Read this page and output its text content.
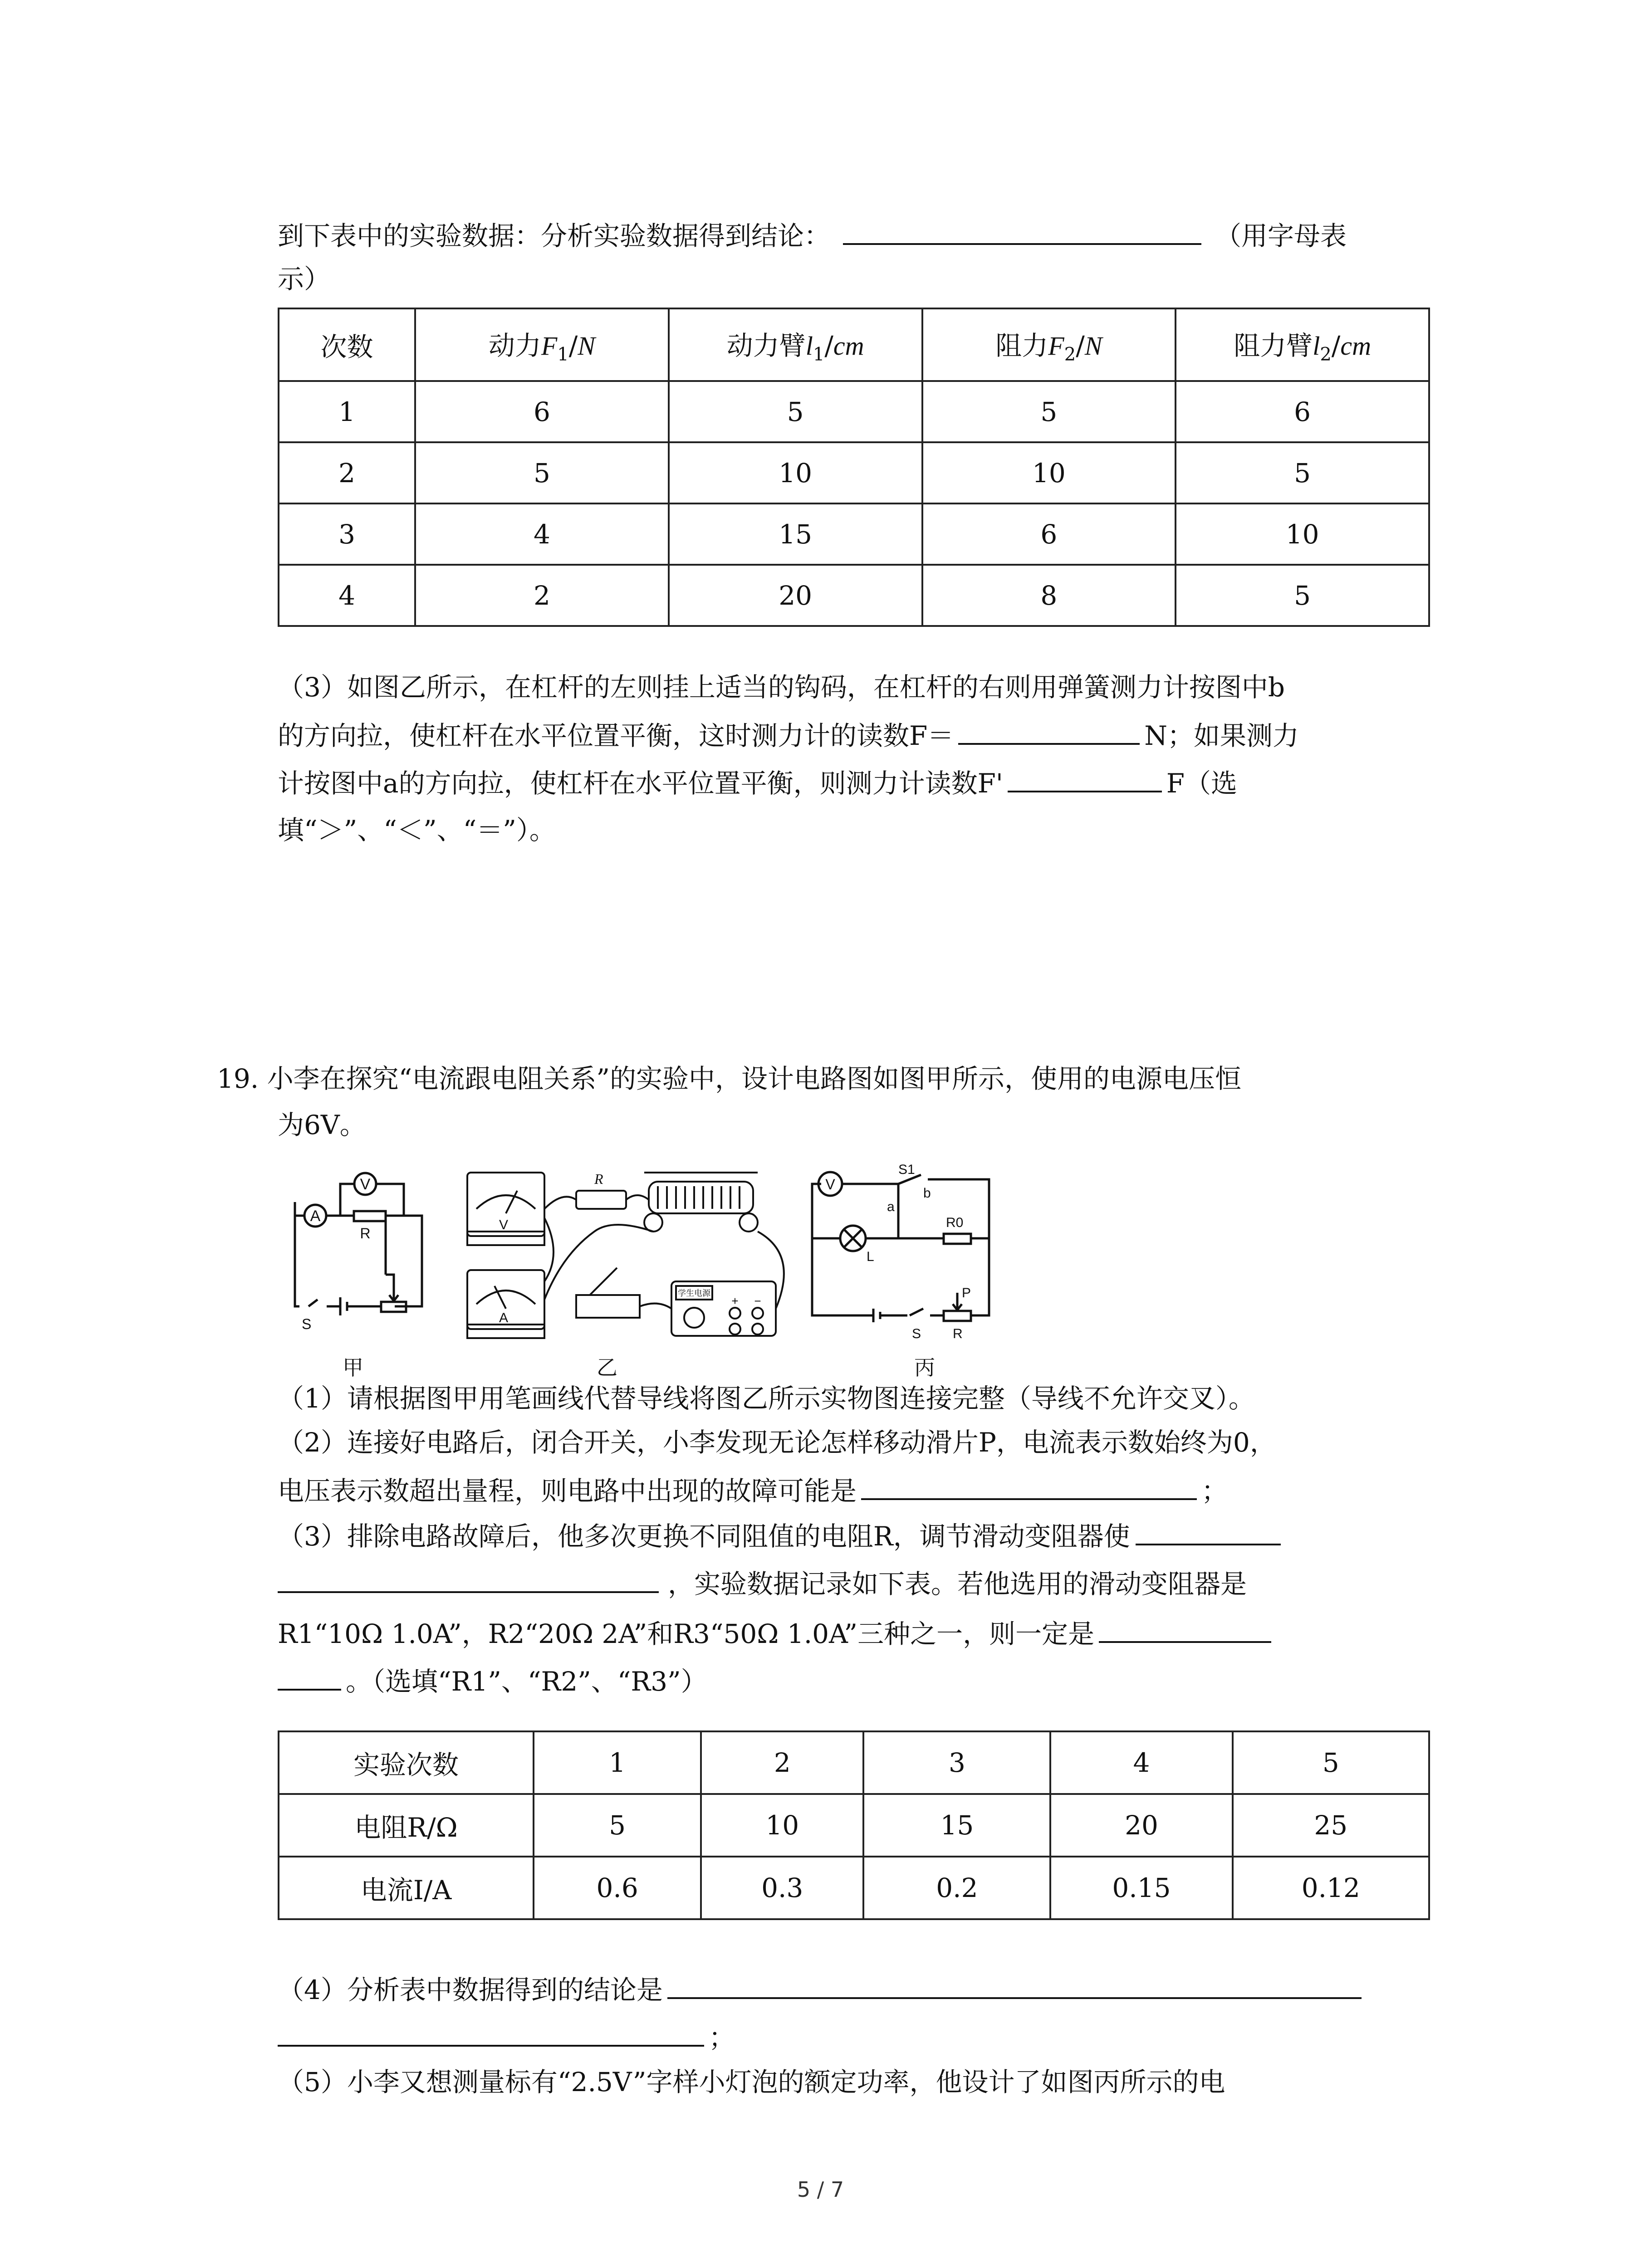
到下表中的实验数据：分析实验数据得到结论：	（用字母表
示）
次数	动力$F_1/N$	动力臂$l_1/cm$	阻力$F_2/N$	阻力臂$l_2/cm$
1	6	5	5	6
2	5	10	10	5
3	4	15	6	10
4	2	20	8	5
（3）如图乙所示，在杠杆的左则挂上适当的钩码，在杠杆的右则用弹簧测力计按图中b
的方向拉，使杠杆在水平位置平衡，这时测力计的读数F＝	N；如果测力
计按图中a的方向拉，使杠杆在水平位置平衡，则测力计读数F'	F（选
填“＞”、“＜”、“＝”）。
19. 小李在探究“电流跟电阻关系”的实验中，设计电路图如图甲所示，使用的电源电压恒
为6V。
A
V
R
S
甲
V
A
R
学生电源
+ −
乙
V
S1
a
b
R0
L
P
R
S
丙
（1）请根据图甲用笔画线代替导线将图乙所示实物图连接完整（导线不允许交叉）。
（2）连接好电路后，闭合开关，小李发现无论怎样移动滑片P，电流表示数始终为0，
电压表示数超出量程，则电路中出现的故障可能是	；
（3）排除电路故障后，他多次更换不同阻值的电阻R，调节滑动变阻器使
，实验数据记录如下表。若他选用的滑动变阻器是
R1“10Ω 1.0A”，R2“20Ω 2A”和R3“50Ω 1.0A”三种之一，则一定是
。（选填“R1”、“R2”、“R3”）
实验次数	1	2	3	4	5
电阻R/Ω	5	10	15	20	25
电流I/A	0.6	0.3	0.2	0.15	0.12
（4）分析表中数据得到的结论是
；
（5）小李又想测量标有“2.5V”字样小灯泡的额定功率，他设计了如图丙所示的电
5 / 7
